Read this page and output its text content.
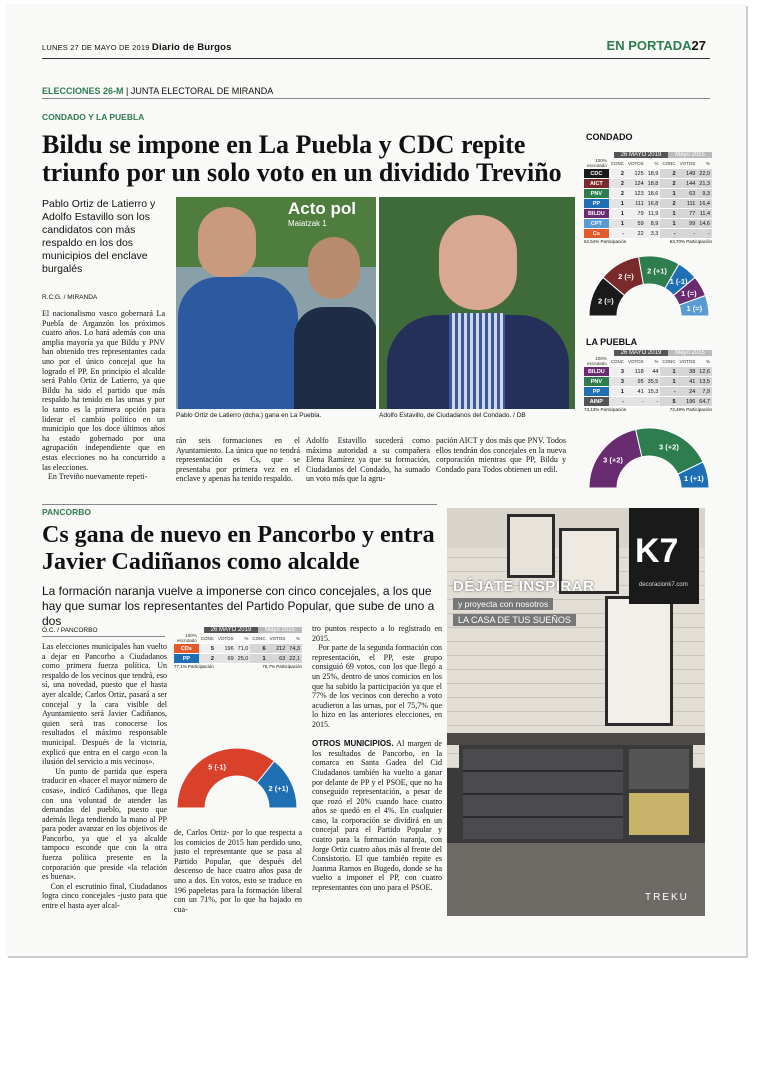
LUNES 27 DE MAYO DE 2019 Diario de Burgos	EN PORTADA27
ELECCIONES 26-M | JUNTA ELECTORAL DE MIRANDA
CONDADO Y LA PUEBLA
Bildu se impone en La Puebla y CDC repite triunfo por un solo voto en un dividido Treviño
Pablo Ortiz de Latierro y Adolfo Estavillo son los candidatos con más respaldo en los dos municipios del enclave burgalés
R.C.G. / MIRANDA
El nacionalismo vasco gobernará La Puebla de Arganzón los próximos cuatro años. Lo hará además con una amplia mayoría ya que Bildu y PNV han obtenido tres representantes cada uno por el único concejal que ha logrado el PP. En principio el alcalde será Pablo Ortiz de Latierro, ya que Bildu ha sido el partido que más respaldo ha tenido en las urnas y por lo tanto es la primera opción para liderar el cambio político en un municipio que los doce últimos años ha estado gobernado por una agrupación independiente que en estas elecciones no ha concurrido a las elecciones.
En Treviño nuevamente repeti-
Acto pol
Maiatzak 1
Pablo Ortiz de Latierro (dcha.) gana en La Puebla.	Adolfo Estavillo, de Ciudadanos del Condado. / DB
rán seis formaciones en el Ayuntamiento. La única que no tendrá representación es Cs, que se presentaba por primera vez en el enclave y apenas ha tenido respaldo.
Adolfo Estavillo sucederá como máxima autoridad a su compañera Elena Ramírez ya que su formación, Ciudadanos del Condado, ha sumado un voto más que la agru-
pación AICT y dos más que PNV. Todos ellos tendrán dos concejales en la nueva corporación mientras que PP, Bildu y Condado para Todos obtienen un edil.
CONDADO
26 MAYO 2019	Mayo 2015
100% escrutado	CONC	VOTOS	%	CONC	VOTOS	%
CDC	2	125	18,9	2	149	22,0
AICT	2	124	18,8	2	144	21,3
PNV	2	123	18,6	1	63	9,3
PP	1	111	16,8	2	111	16,4
BILDU	1	79	11,9	1	77	11,4
CPT	1	59	8,9	1	99	14,6
Cs	-	22	3,3	-	-	-
62,54% Participación	63,70% Participación
2 (=)
2 (=)
2 (+1)
1 (-1)
1 (=)
1 (=)
LA PUEBLA
26 MAYO 2019	Mayo 2015
100% escrutado	CONC	VOTOS	%	CONC	VOTOS	%
BILDU	3	118	44	1	38	12,6
PNV	3	95	35,5	1	41	13,5
PP	1	41	15,3	-	24	7,9
AINP	-	-	-	5	196	64,7
73,13% Participación	73,49% Participación
3 (+2)
3 (+2)
1 (+1)
PANCORBO
Cs gana de nuevo en Pancorbo y entra Javier Cadiñanos como alcalde
La formación naranja vuelve a imponerse con cinco concejales, a los que hay que sumar los representantes del Partido Popular, que sube de uno a dos
Ó.C. / PANCORBO
Las elecciones municipales han vuelto a dejar en Pancorbo a Ciudadanos como primera fuerza política. Un respaldo de los vecinos que tendrá, eso sí, una novedad, puesto que el hasta ayer alcalde, Carlos Ortiz, pasará a ser concejal y la cara visible del Ayuntamiento será Javier Cadiñanos, quien será tras conocerse los resultados el máximo responsable municipal. Después de la victoria, explicó que entra en el cargo «con la ilusión del servicio a mis vecinos».
Un punto de partida que espera traducir en «hacer el mayor número de cosas», indicó Cadiñanos, que llega con una voluntad de atender las demandas del pueblo, puesto que además llega tendiendo la mano al PP para poder avanzar en los objetivos de Pancorbo, ya que el ya alcalde tampoco esconde que con la otra fuerza política presente en la corporación que preside «la relación es buena».
Con el escrutinio final, Ciudadanos logra cinco concejales -justo para que entre el hasta ayer alcal-
26 MAYO 2019	Mayo 2015
100% escrutado	CONC	VOTOS	%	CONC	VOTOS	%
CDs	5	196	71,0	6	212	74,3
PP	2	69	25,0	1	63	22,1
77,1% Participación	75,7% Participación
5 (-1)
2 (+1)
de, Carlos Ortiz- por lo que respecta a los comicios de 2015 han perdido uno, justo el representante que se pasa al Partido Popular, que después del descenso de hace cuatro años pasa de uno a dos. En votos, esto se traduce en 196 papeletas para la formación liberal con un 71%, por lo que ha bajado en cua-
tro puntos respecto a lo registrado en 2015.
Por parte de la segunda formación con representación, el PP, este grupo consiguió 69 votos, con los que llegó a un 25%, dentro de unos comicios en los que ha subido la participación ya que el 77% de los vecinos con derecho a voto acudieron a las urnas, por el 75,7% que lo hizo en las anteriores elecciones, en 2015.

OTROS MUNICIPIOS. Al margen de los resultados de Pancorbo, en la comarca en Santa Gadea del Cid Ciudadanos también ha vuelto a ganar por delante de PP y el PSOE, que no ha conseguido representación, a pesar de que rozó el 20% cuando hace cuatro años se quedó en el 4%. En cualquier caso, la corporación se dividirá en un concejal para el Partido Popular y cuatro para la formación naranja, con Jorge Ortiz cuatro años más al frente del Consistorio. El que también repite es Juanma Ramos en Bugedo, donde se ha vuelto a imponer el PP, con cuatro representantes con uno para el PSOE.
K7
decoracionk7.com
DÉJATE INSPIRAR
y proyecta con nosotros
LA CASA DE TUS SUEÑOS
TREKU
